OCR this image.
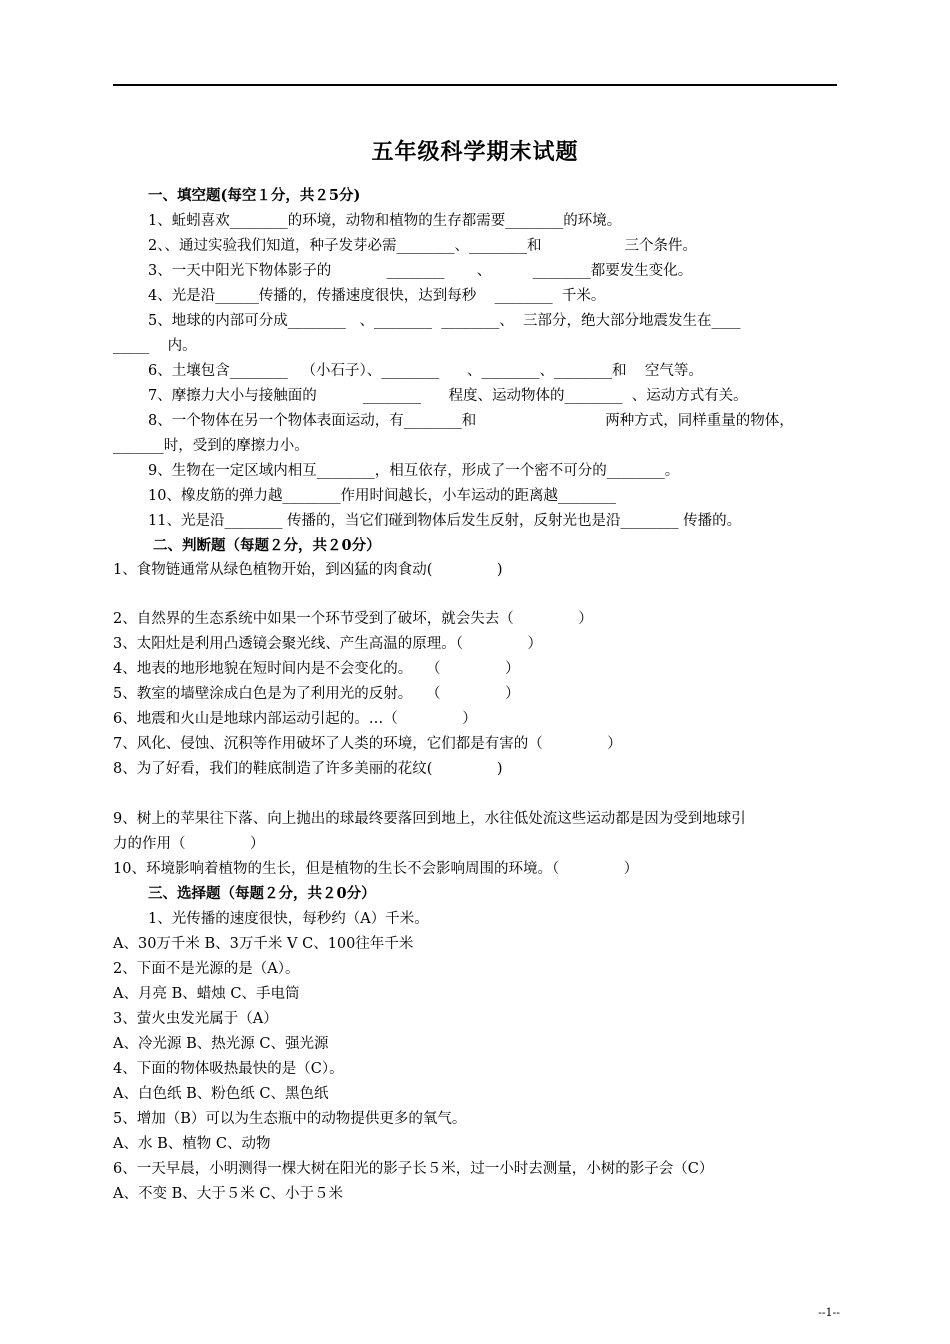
五年级科学期末试题
一、填空题(每空１分，共２5分)
1、蚯蚓喜欢________的环境，动物和植物的生存都需要________的环境。
2、、通过实验我们知道，种子发芽必需________、________和                  三个条件。
3、一天中阳光下物体影子的            ________       、         ________都要发生变化。
4、光是沿______传播的，传播速度很快，达到每秒    ________  千米。
5、地球的内部可分成________   、________  ________、  三部分，绝大部分地震发生在____
_____    内。
6、土壤包含________   （小石子）、________      、________、________和    空气等。
7、摩擦力大小与接触面的          ________      程度、运动物体的________  、运动方式有关。
8、一个物体在另一个物体表面运动，有________和                            两种方式，同样重量的物体，
_______时，受到的摩擦力小。
9、生物在一定区域内相互________，相互依存，形成了一个密不可分的________。
10、橡皮筋的弹力越________作用时间越长，小车运动的距离越________
11、光是沿________ 传播的，当它们碰到物体后发生反射，反射光也是沿________ 传播的。
二、判断题（每题２分，共２0分）
1、食物链通常从绿色植物开始，到凶猛的肉食动(              )
2、自然界的生态系统中如果一个环节受到了破坏，就会失去（              ）
3、太阳灶是利用凸透镜会聚光线、产生高温的原理。（              ）
4、地表的地形地貌在短时间内是不会变化的。   （              ）
5、教室的墙壁涂成白色是为了利用光的反射。   （              ）
6、地震和火山是地球内部运动引起的。…（              ）
7、风化、侵蚀、沉积等作用破坏了人类的环境，它们都是有害的（              ）
8、为了好看，我们的鞋底制造了许多美丽的花纹(              )
9、树上的苹果往下落、向上抛出的球最终要落回到地上，水往低处流这些运动都是因为受到地球引
力的作用（              ）
10、环境影响着植物的生长，但是植物的生长不会影响周围的环境。（              ）
三、选择题（每题２分，共２0分）
1、光传播的速度很快，每秒约（A）千米。
A、30万千米 B、3万千米 V C、100往年千米
2、下面不是光源的是（A）。
A、月亮 B、蜡烛 C、手电筒
3、萤火虫发光属于（A）
A、冷光源 B、热光源 C、强光源
4、下面的物体吸热最快的是（C）。
A、白色纸 B、粉色纸 C、黑色纸
5、增加（B）可以为生态瓶中的动物提供更多的氧气。
A、水 B、植物 C、动物
6、一天早晨，小明测得一棵大树在阳光的影子长５米，过一小时去测量，小树的影子会（C）
A、不变 B、大于５米 C、小于５米
--1--
